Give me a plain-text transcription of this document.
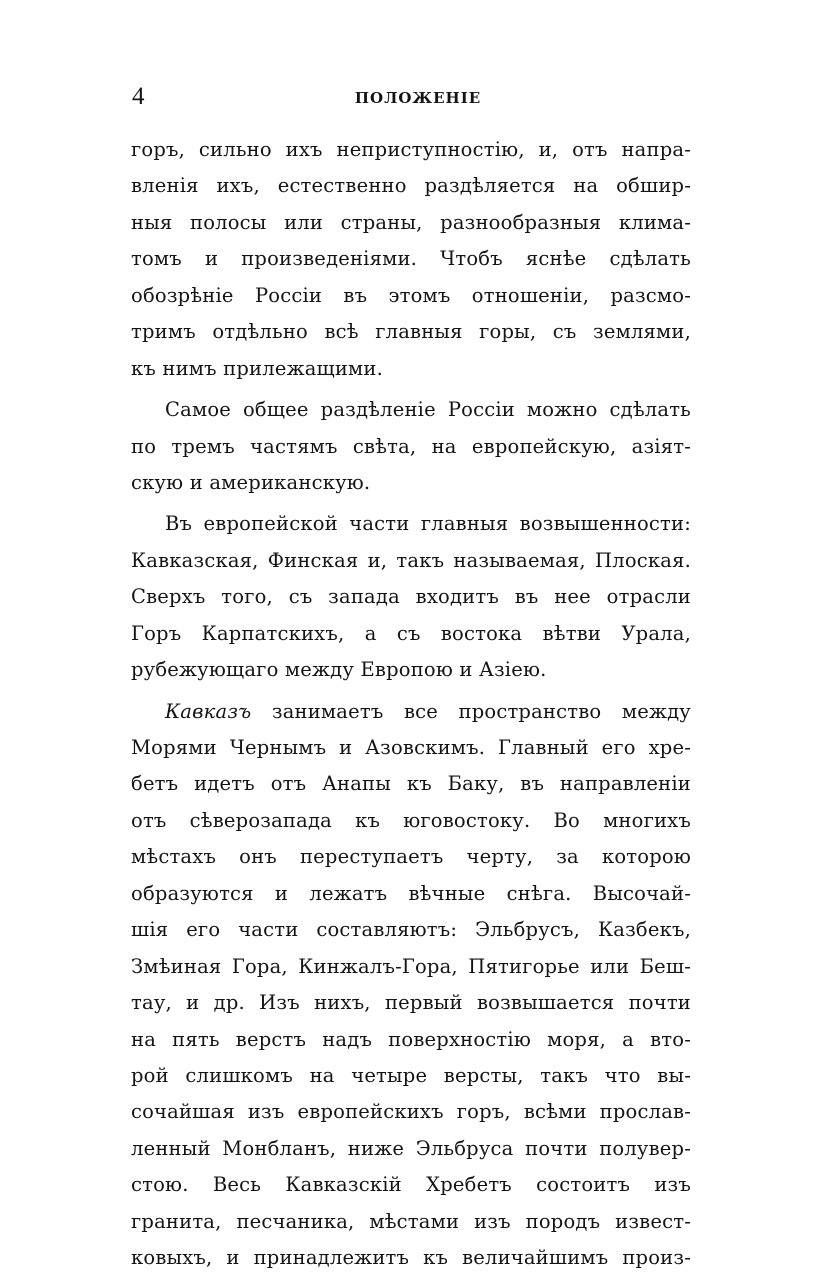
4	ПОЛОЖЕНІЕ
горъ, сильно ихъ неприступностію, и, отъ напра-
вленія ихъ, естественно раздѣляется на обшир-
ныя полосы или страны, разнообразныя клима-
томъ и произведеніями. Чтобъ яснѣе сдѣлать
обозрѣніе Россіи въ этомъ отношеніи, разсмо-
тримъ отдѣльно всѣ главныя горы, съ землями,
къ нимъ прилежащими.
Самое общее раздѣленіе Россіи можно сдѣлать
по тремъ частямъ свѣта, на европейскую, азіят-
скую и американскую.
Въ европейской части главныя возвышенности:
Кавказская, Финская и, такъ называемая, Плоская.
Сверхъ того, съ запада входитъ въ нее отрасли
Горъ Карпатскихъ, а съ востока вѣтви Урала,
рубежующаго между Европою и Азіею.
Кавказъ занимаетъ все пространство между
Морями Чернымъ и Азовскимъ. Главный его хре-
бетъ идетъ отъ Анапы къ Баку, въ направленіи
отъ сѣверозапада къ юговостоку. Во многихъ
мѣстахъ онъ переступаетъ черту, за которою
образуются и лежатъ вѣчные снѣга. Высочай-
шія его части составляютъ: Эльбрусъ, Казбекъ,
Змѣиная Гора, Кинжалъ-Гора, Пятигорье или Беш-
тау, и др. Изъ нихъ, первый возвышается почти
на пять верстъ надъ поверхностію моря, а вто-
рой слишкомъ на четыре версты, такъ что вы-
сочайшая изъ европейскихъ горъ, всѣми прослав-
ленный Монбланъ, ниже Эльбруса почти полувер-
стою. Весь Кавказскій Хребетъ состоитъ изъ
гранита, песчаника, мѣстами изъ породъ извест-
ковыхъ, и принадлежитъ къ величайшимъ произ-
